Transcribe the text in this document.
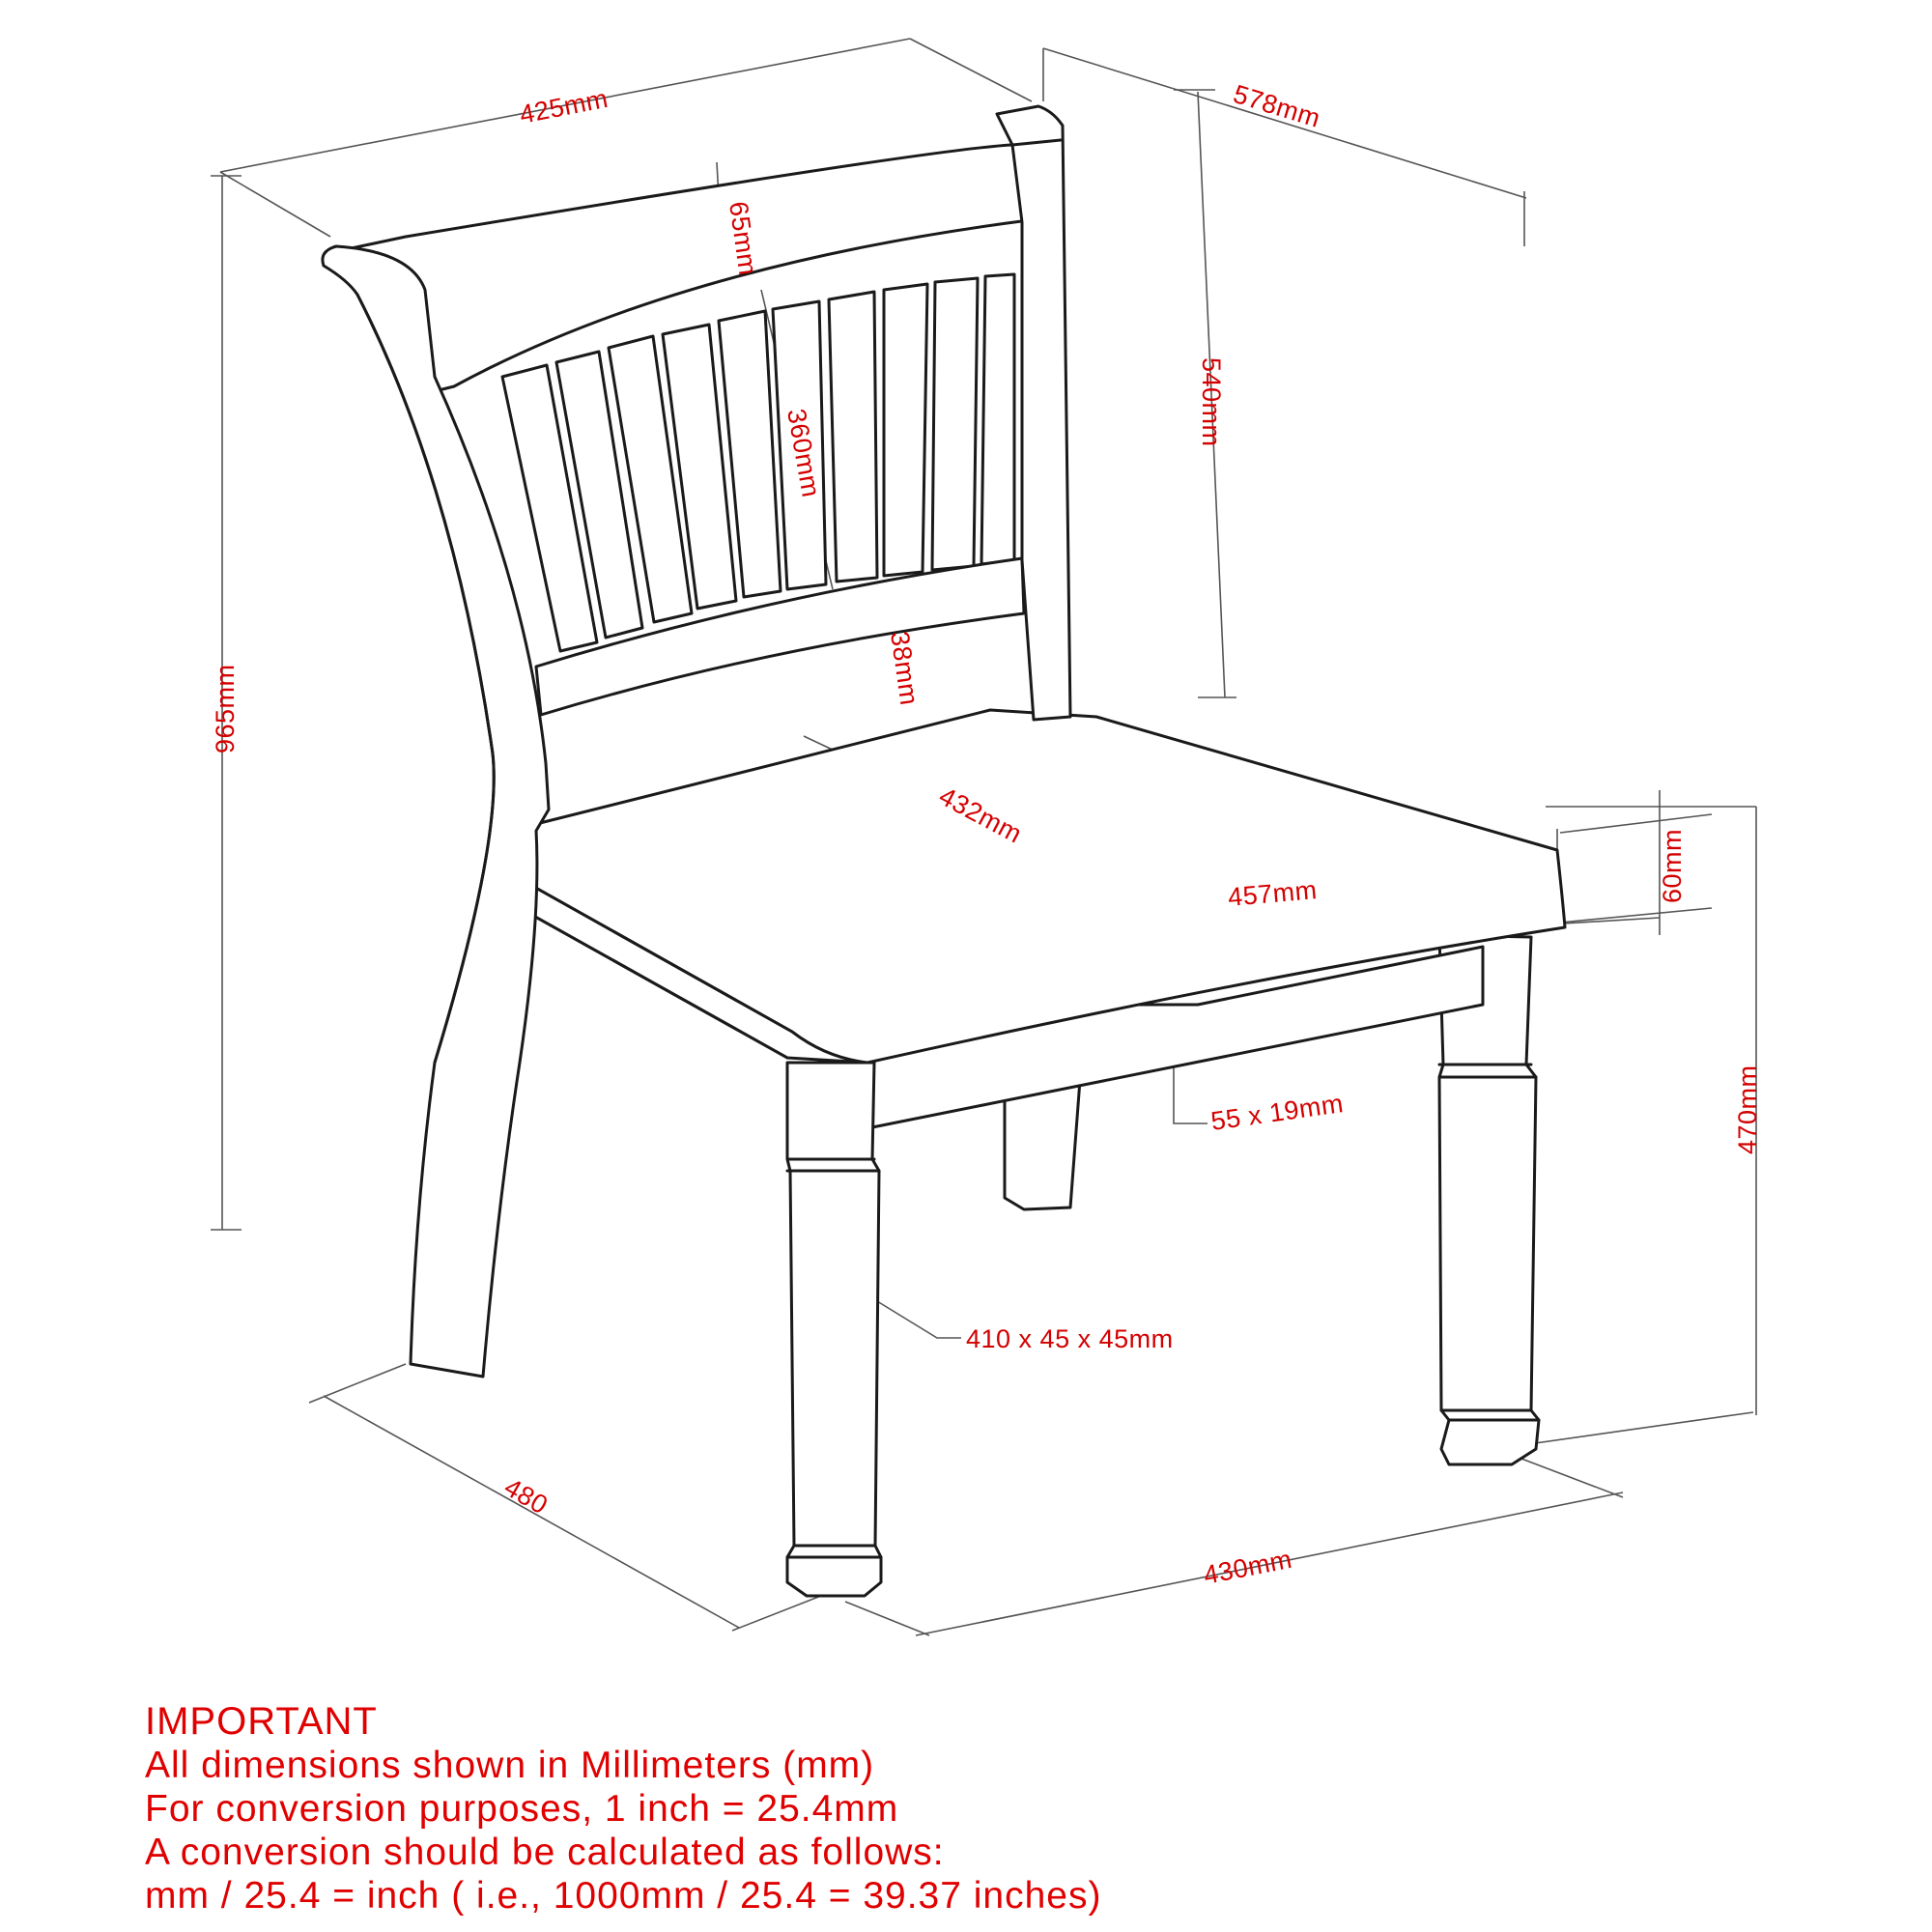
425mm	578mm
65mm
360mm
540mm
38mm
965mm
432mm
457mm	60mm
470mm
55 x 19mm
410 x 45 x 45mm
480
430mm
IMPORTANT
All dimensions shown in Millimeters (mm)
For conversion purposes, 1 inch = 25.4mm
A conversion should be calculated as follows:
mm / 25.4 = inch ( i.e., 1000mm / 25.4 = 39.37 inches)
